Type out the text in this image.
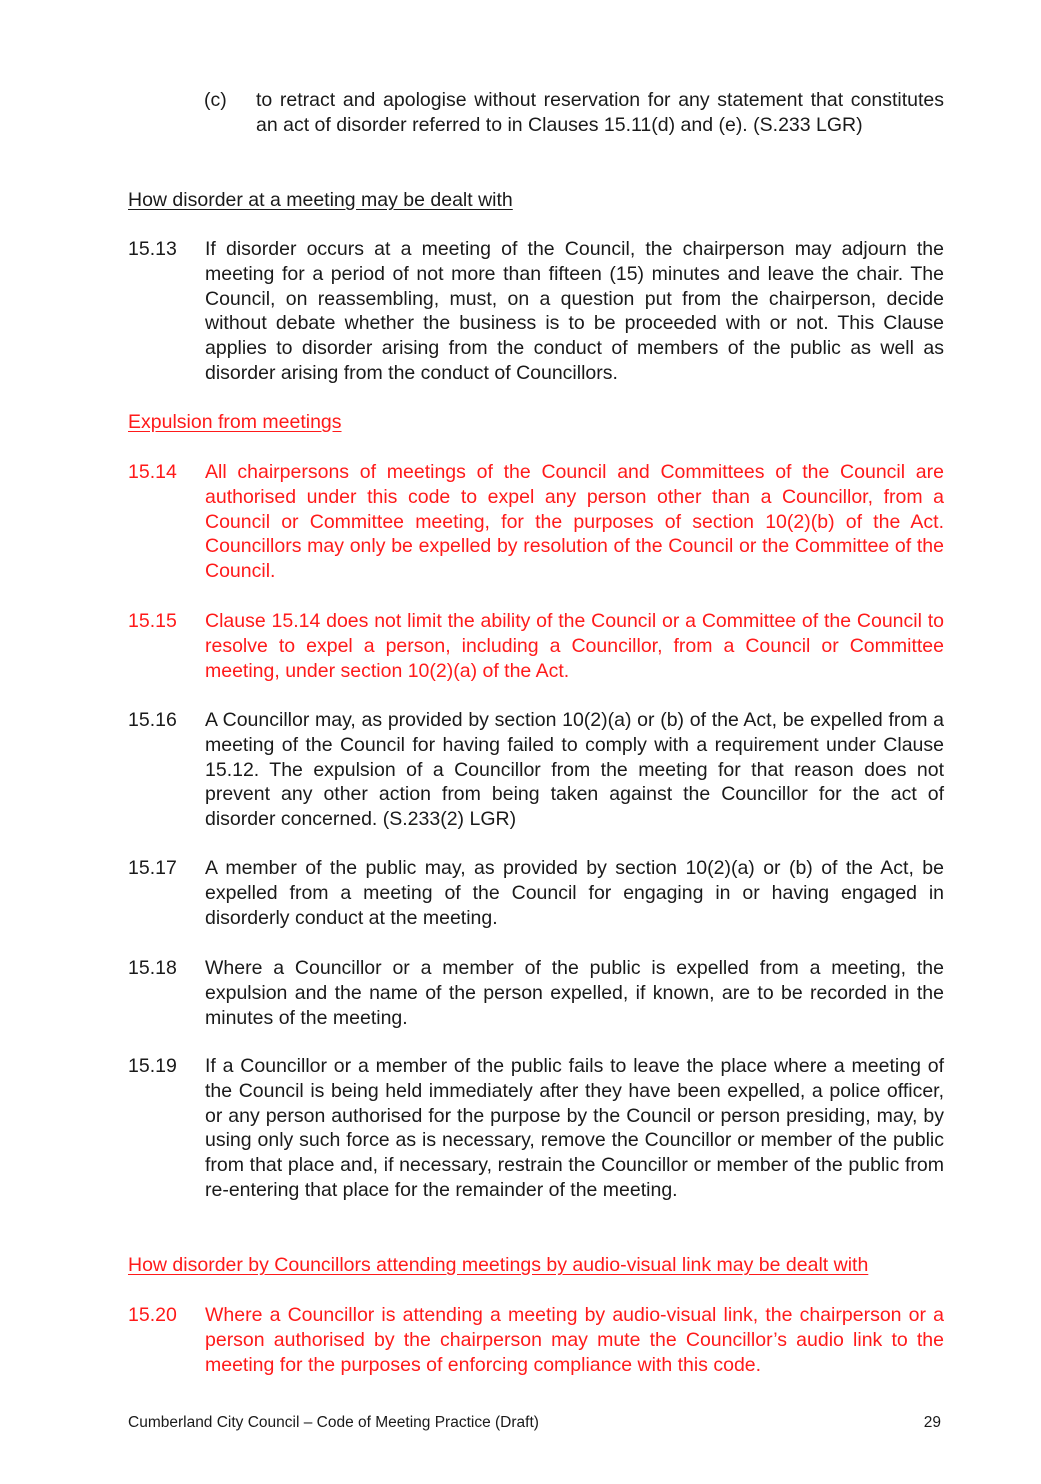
(c) to retract and apologise without reservation for any statement that constitutes an act of disorder referred to in Clauses 15.11(d) and (e). (S.233 LGR)
How disorder at a meeting may be dealt with
15.13 If disorder occurs at a meeting of the Council, the chairperson may adjourn the meeting for a period of not more than fifteen (15) minutes and leave the chair. The Council, on reassembling, must, on a question put from the chairperson, decide without debate whether the business is to be proceeded with or not. This Clause applies to disorder arising from the conduct of members of the public as well as disorder arising from the conduct of Councillors.
Expulsion from meetings
15.14 All chairpersons of meetings of the Council and Committees of the Council are authorised under this code to expel any person other than a Councillor, from a Council or Committee meeting, for the purposes of section 10(2)(b) of the Act. Councillors may only be expelled by resolution of the Council or the Committee of the Council.
15.15 Clause 15.14 does not limit the ability of the Council or a Committee of the Council to resolve to expel a person, including a Councillor, from a Council or Committee meeting, under section 10(2)(a) of the Act.
15.16 A Councillor may, as provided by section 10(2)(a) or (b) of the Act, be expelled from a meeting of the Council for having failed to comply with a requirement under Clause 15.12. The expulsion of a Councillor from the meeting for that reason does not prevent any other action from being taken against the Councillor for the act of disorder concerned. (S.233(2) LGR)
15.17 A member of the public may, as provided by section 10(2)(a) or (b) of the Act, be expelled from a meeting of the Council for engaging in or having engaged in disorderly conduct at the meeting.
15.18 Where a Councillor or a member of the public is expelled from a meeting, the expulsion and the name of the person expelled, if known, are to be recorded in the minutes of the meeting.
15.19 If a Councillor or a member of the public fails to leave the place where a meeting of the Council is being held immediately after they have been expelled, a police officer, or any person authorised for the purpose by the Council or person presiding, may, by using only such force as is necessary, remove the Councillor or member of the public from that place and, if necessary, restrain the Councillor or member of the public from re-entering that place for the remainder of the meeting.
How disorder by Councillors attending meetings by audio-visual link may be dealt with
15.20 Where a Councillor is attending a meeting by audio-visual link, the chairperson or a person authorised by the chairperson may mute the Councillor’s audio link to the meeting for the purposes of enforcing compliance with this code.
Cumberland City Council – Code of Meeting Practice (Draft)	29
